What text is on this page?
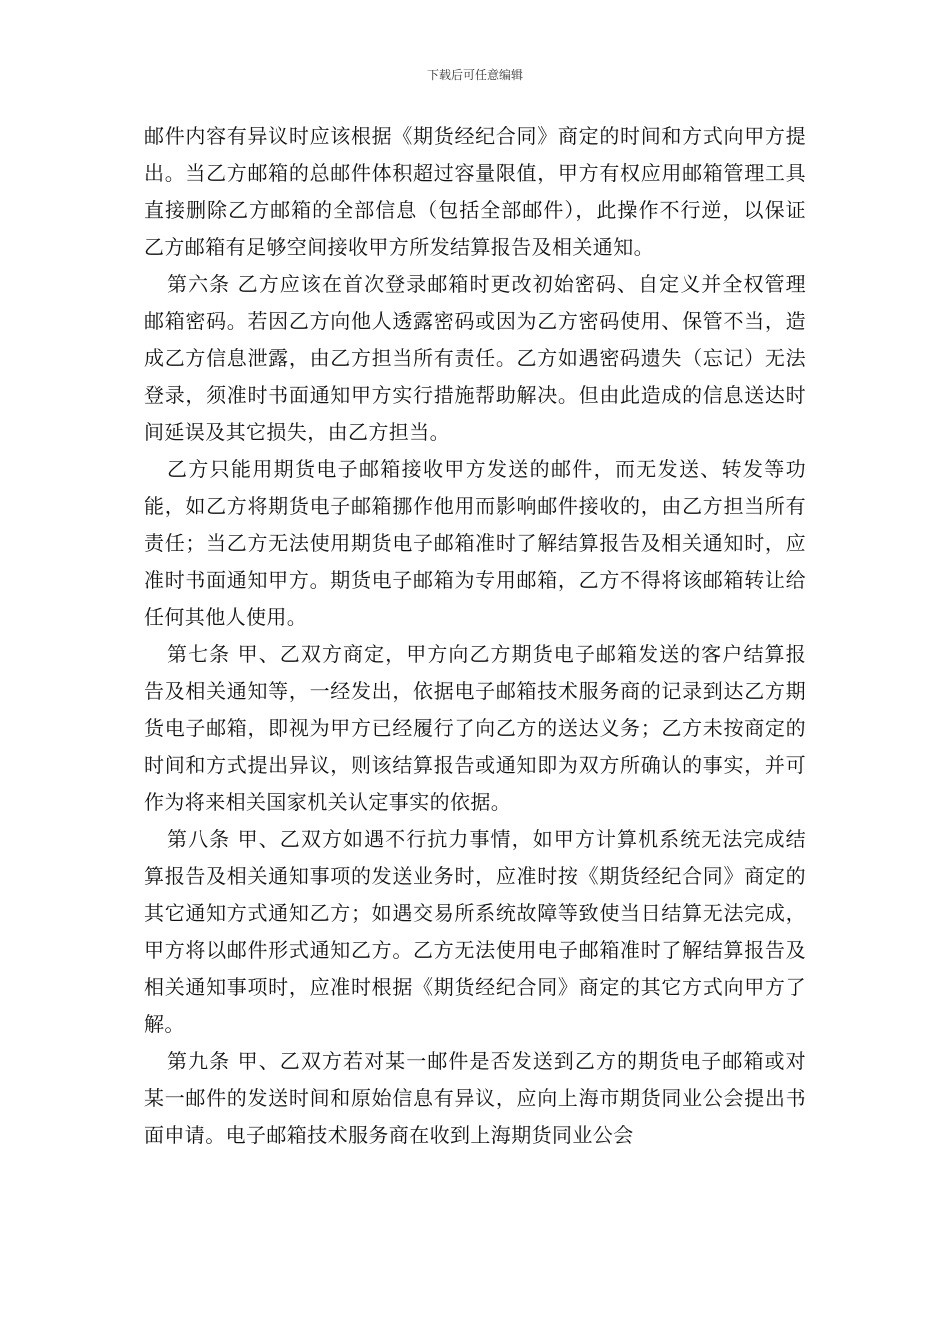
下载后可任意编辑

邮件内容有异议时应该根据《期货经纪合同》商定的时间和方式向甲方提出。当乙方邮箱的总邮件体积超过容量限值，甲方有权应用邮箱管理工具直接删除乙方邮箱的全部信息（包括全部邮件），此操作不行逆，以保证乙方邮箱有足够空间接收甲方所发结算报告及相关通知。

第六条 乙方应该在首次登录邮箱时更改初始密码、自定义并全权管理邮箱密码。若因乙方向他人透露密码或因为乙方密码使用、保管不当，造成乙方信息泄露，由乙方担当所有责任。乙方如遇密码遗失（忘记）无法登录，须准时书面通知甲方实行措施帮助解决。但由此造成的信息送达时间延误及其它损失，由乙方担当。

乙方只能用期货电子邮箱接收甲方发送的邮件，而无发送、转发等功能，如乙方将期货电子邮箱挪作他用而影响邮件接收的，由乙方担当所有责任；当乙方无法使用期货电子邮箱准时了解结算报告及相关通知时，应准时书面通知甲方。期货电子邮箱为专用邮箱，乙方不得将该邮箱转让给任何其他人使用。

第七条 甲、乙双方商定，甲方向乙方期货电子邮箱发送的客户结算报告及相关通知等，一经发出，依据电子邮箱技术服务商的记录到达乙方期货电子邮箱，即视为甲方已经履行了向乙方的送达义务；乙方未按商定的时间和方式提出异议，则该结算报告或通知即为双方所确认的事实，并可作为将来相关国家机关认定事实的依据。

第八条 甲、乙双方如遇不行抗力事情，如甲方计算机系统无法完成结算报告及相关通知事项的发送业务时，应准时按《期货经纪合同》商定的其它通知方式通知乙方；如遇交易所系统故障等致使当日结算无法完成，甲方将以邮件形式通知乙方。乙方无法使用电子邮箱准时了解结算报告及相关通知事项时，应准时根据《期货经纪合同》商定的其它方式向甲方了解。

第九条 甲、乙双方若对某一邮件是否发送到乙方的期货电子邮箱或对某一邮件的发送时间和原始信息有异议，应向上海市期货同业公会提出书面申请。电子邮箱技术服务商在收到上海期货同业公会
